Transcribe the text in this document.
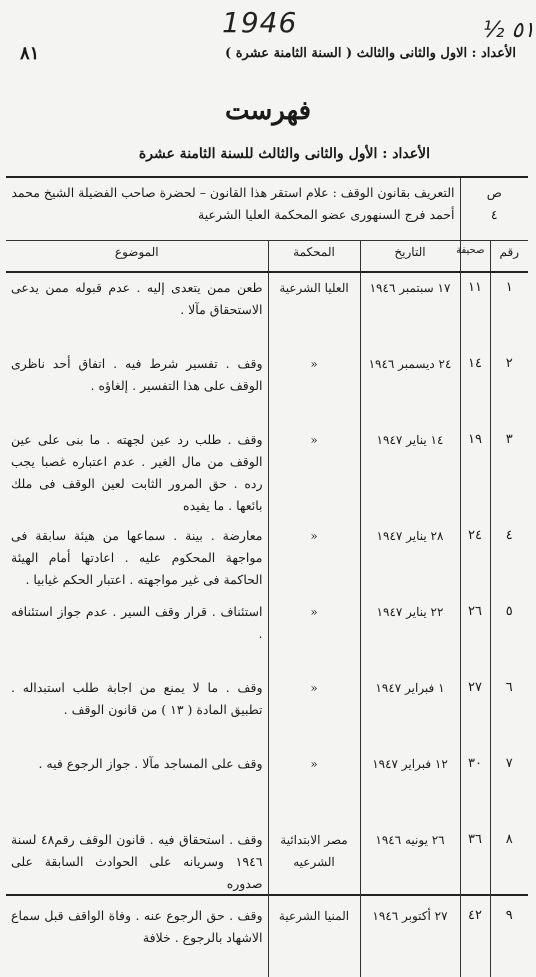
1946	½ ٥١
الأعداد : الاول والثانى والثالث ( السنة الثامنة عشرة )
٨١
فهرست
الأعداد : الأول والثانى والثالث للسنة الثامنة عشرة
ص
٤		التعريف بقانون الوقف : علام استقر هذا القانون – لحضرة صاحب الفضيلة الشيخ محمد أحمد فرج السنهورى عضو المحكمة العليا الشرعية		
رقم	صحيفة	التاريخ	المحكمة	الموضوع
١	١١	١٧ سبتمبر ١٩٤٦	العليا الشرعية	طعن ممن يتعدى إليه . عدم قبوله ممن يدعى الاستحقاق مآلا .
٢	١٤	٢٤ ديسمبر ١٩٤٦	«	وقف . تفسير شرط فيه . اتفاق أحد ناظرى الوقف على هذا التفسير . إلغاؤه .
٣	١٩	١٤ يناير ١٩٤٧	«	وقف . طلب رد عين لجهته . ما بنى على عين الوقف من مال الغير . عدم اعتباره غصبا يجب رده . حق المرور الثابت لعين الوقف فى ملك بائعها . ما يفيده
٤	٢٤	٢٨ يناير ١٩٤٧	«	معارضة . بينة . سماعها من هيئة سابقة فى مواجهة المحكوم عليه . اعادتها أمام الهيئة الحاكمة فى غير مواجهته . اعتبار الحكم غيابيا .
٥	٢٦	٢٢ يناير ١٩٤٧	«	استئناف . قرار وقف السير . عدم جواز استئنافه .
٦	٢٧	١ فبراير ١٩٤٧	«	وقف . ما لا يمنع من اجابة طلب استبداله . تطبيق المادة ( ١٣ ) من قانون الوقف .
٧	٣٠	١٢ فبراير ١٩٤٧	«	وقف على المساجد مآلا . جواز الرجوع فيه .
٨	٣٦	٢٦ يونيه ١٩٤٦	مصر الابتدائية الشرعيه	وقف . استحقاق فيه . قانون الوقف رقم٤٨ لسنة ١٩٤٦ وسريانه على الحوادث السابقة على صدوره
٩	٤٢	٢٧ أكتوبر ١٩٤٦	المنيا الشرعية	وقف . حق الرجوع عنه . وفاة الواقف قبل سماع الاشهاد بالرجوع . خلافة
